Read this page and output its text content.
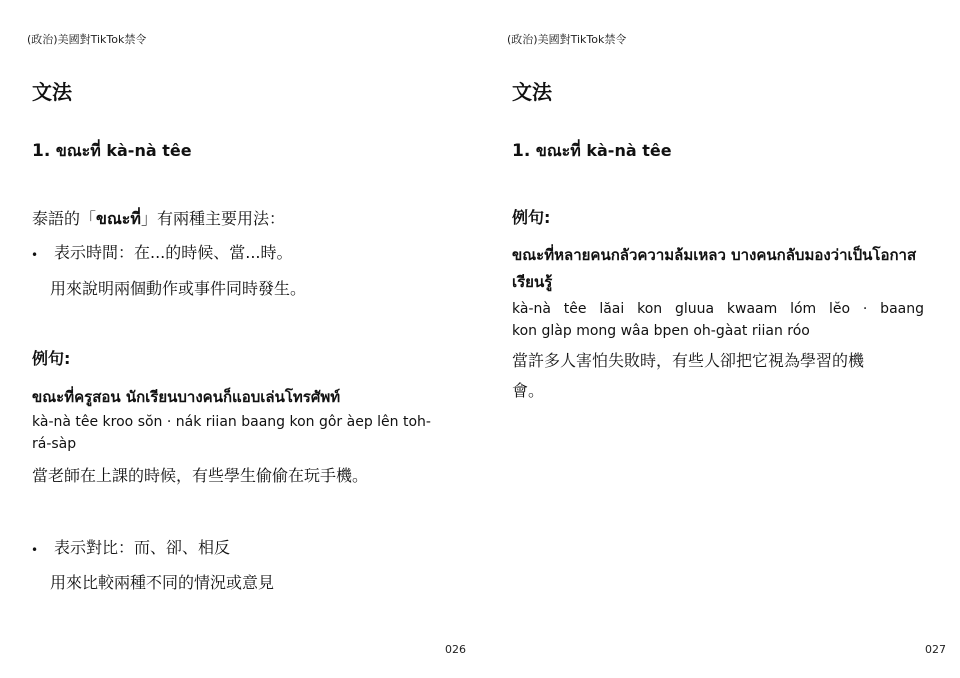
(政治)美國對TikTok禁令
文法
1. ขณะที่ kà-nà têe
泰語的「ขณะที่」有兩種主要用法：
• 表示時間：在...的時候、當...時。
用來說明兩個動作或事件同時發生。
例句:
ขณะที่ครูสอน นักเรียนบางคนก็แอบเล่นโทรศัพท์
kà-nà têe kroo sŏn · nák riian baang kon gôr àep lên toh-
rá-sàp
當老師在上課的時候，有些學生偷偷在玩手機。
• 表示對比：而、卻、相反
用來比較兩種不同的情況或意見
026
(政治)美國對TikTok禁令
文法
1. ขณะที่ kà-nà têe
例句:
ขณะที่หลายคนกลัวความล้มเหลว บางคนกลับมองว่าเป็นโอกาส
เรียนรู้
kà-nà têe lăai kon gluua kwaam lóm lĕo · baang
kon glàp mong wâa bpen oh-gàat riian róo
當許多人害怕失敗時，有些人卻把它視為學習的機
會。
027
